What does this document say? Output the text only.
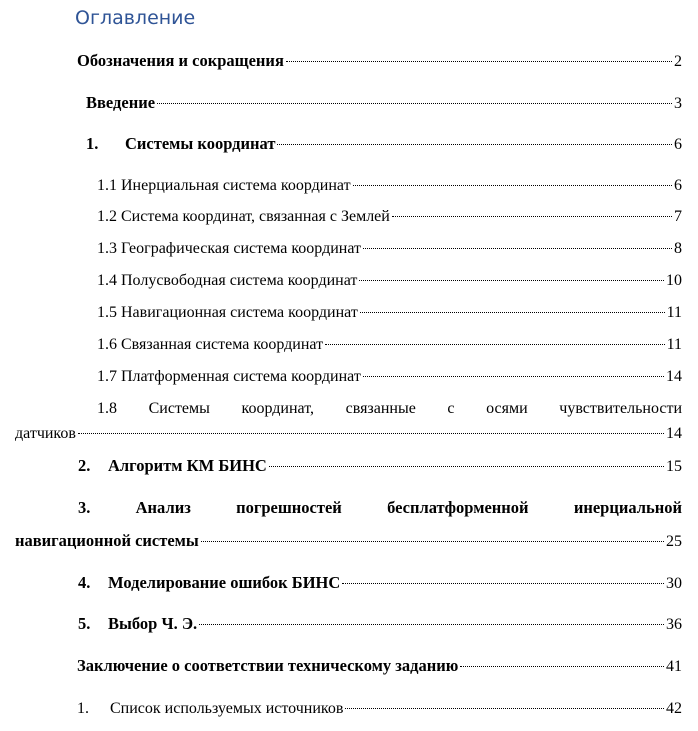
Оглавление
Обозначения и сокращения	2
Введение	3
1.	Системы координат	6
1.1 Инерциальная система координат	6
1.2 Система координат, связанная с Землей	7
1.3 Географическая система координат	8
1.4 Полусвободная система координат	10
1.5 Навигационная система координат	11
1.6 Связанная система координат	11
1.7 Платформенная система координат	14
1.8 Системы координат, связанные с осями чувствительности
датчиков	14
2.	Алгоритм КМ БИНС	15
3. Анализ погрешностей бесплатформенной инерциальной
навигационной системы	25
4.	Моделирование ошибок БИНС	30
5.	Выбор Ч. Э.	36
Заключение о соответствии техническому заданию	41
1.	Список используемых источников	42
